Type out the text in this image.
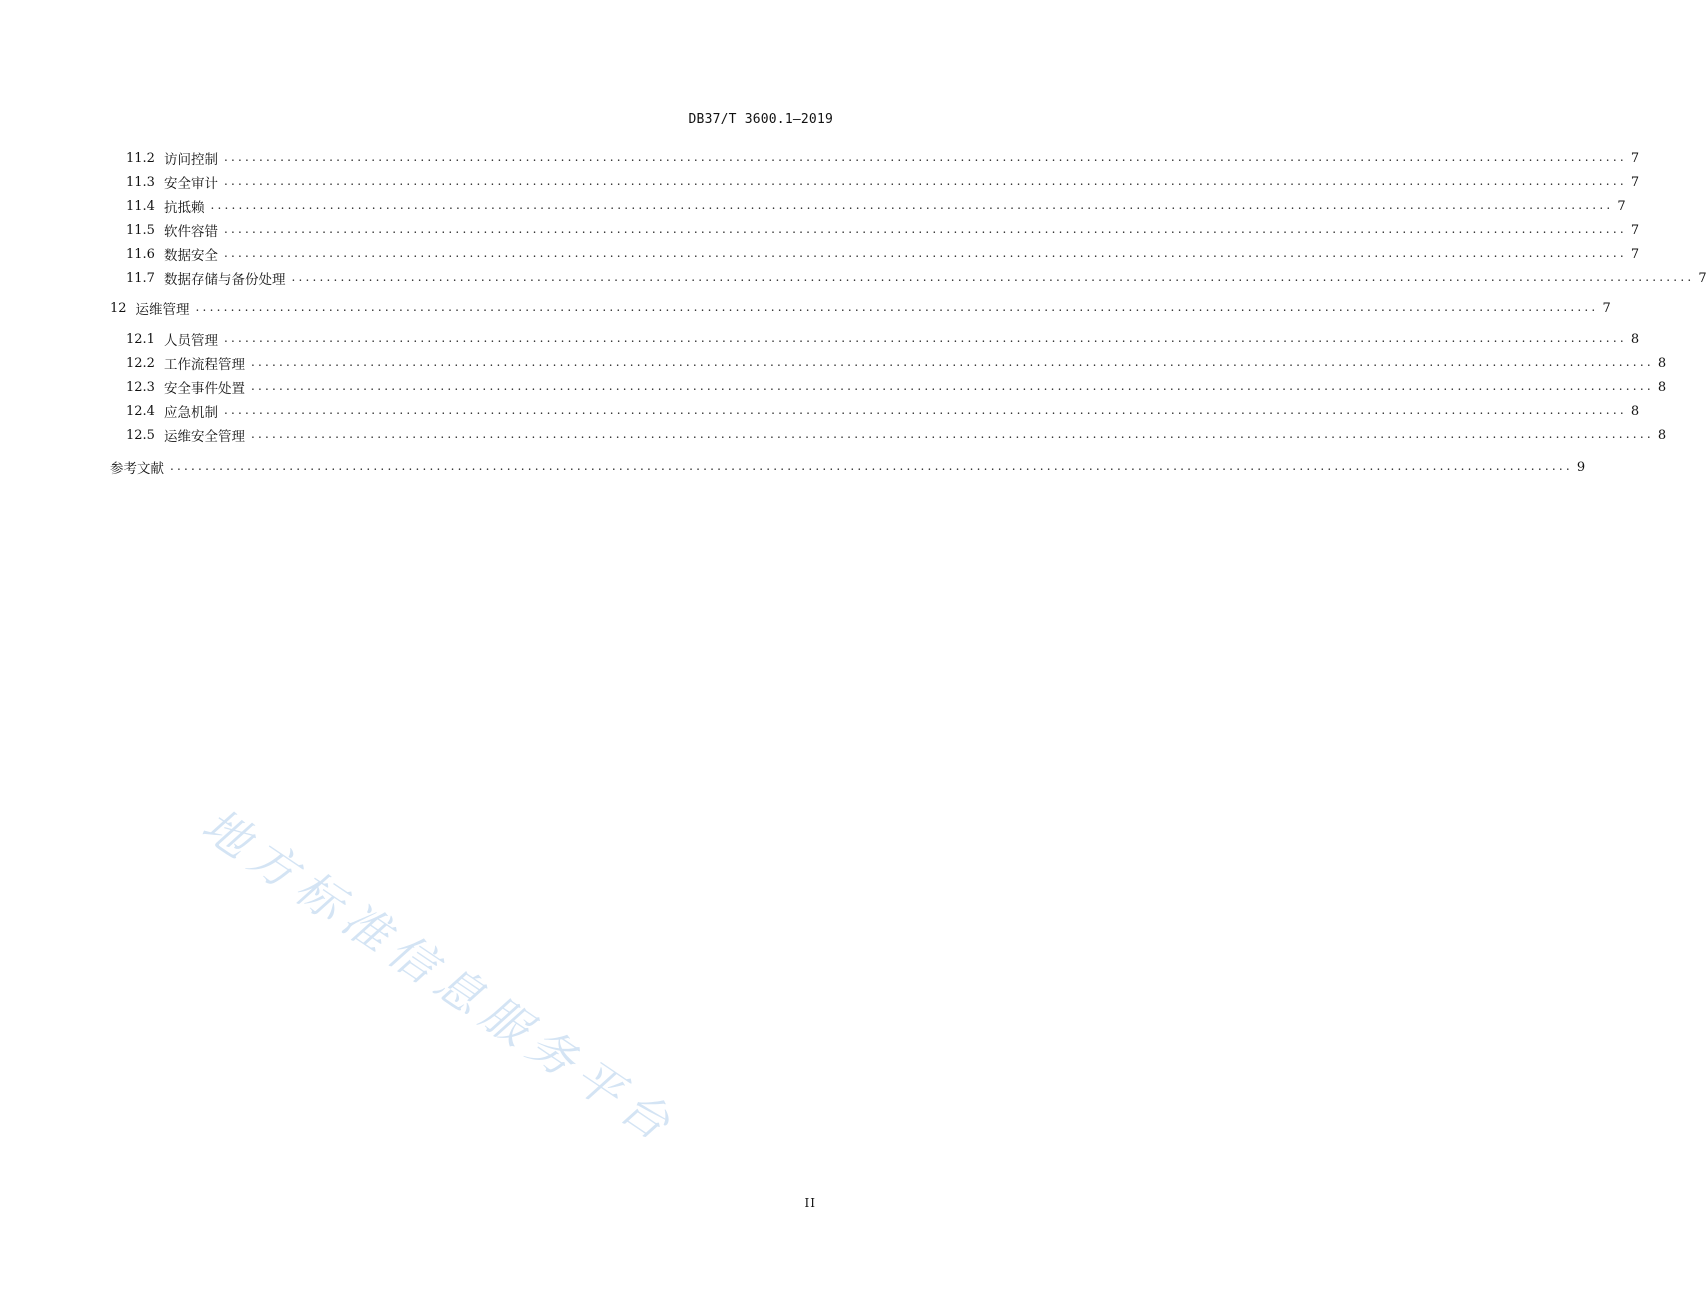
DB37/T 3600.1—2019
11.2 访问控制 ........................................................................................................................................................................................................ 7
11.3 安全审计 ........................................................................................................................................................................................................ 7
11.4 抗抵赖 ........................................................................................................................................................................................................ 7
11.5 软件容错 ........................................................................................................................................................................................................ 7
11.6 数据安全 ........................................................................................................................................................................................................ 7
11.7 数据存储与备份处理 ........................................................................................................................................................................................................ 7
12 运维管理 ........................................................................................................................................................................................................ 7
12.1 人员管理 ........................................................................................................................................................................................................ 8
12.2 工作流程管理 ........................................................................................................................................................................................................ 8
12.3 安全事件处置 ........................................................................................................................................................................................................ 8
12.4 应急机制 ........................................................................................................................................................................................................ 8
12.5 运维安全管理 ........................................................................................................................................................................................................ 8
参考文献 ........................................................................................................................................................................................................ 9
地方标准信息服务平台
II
